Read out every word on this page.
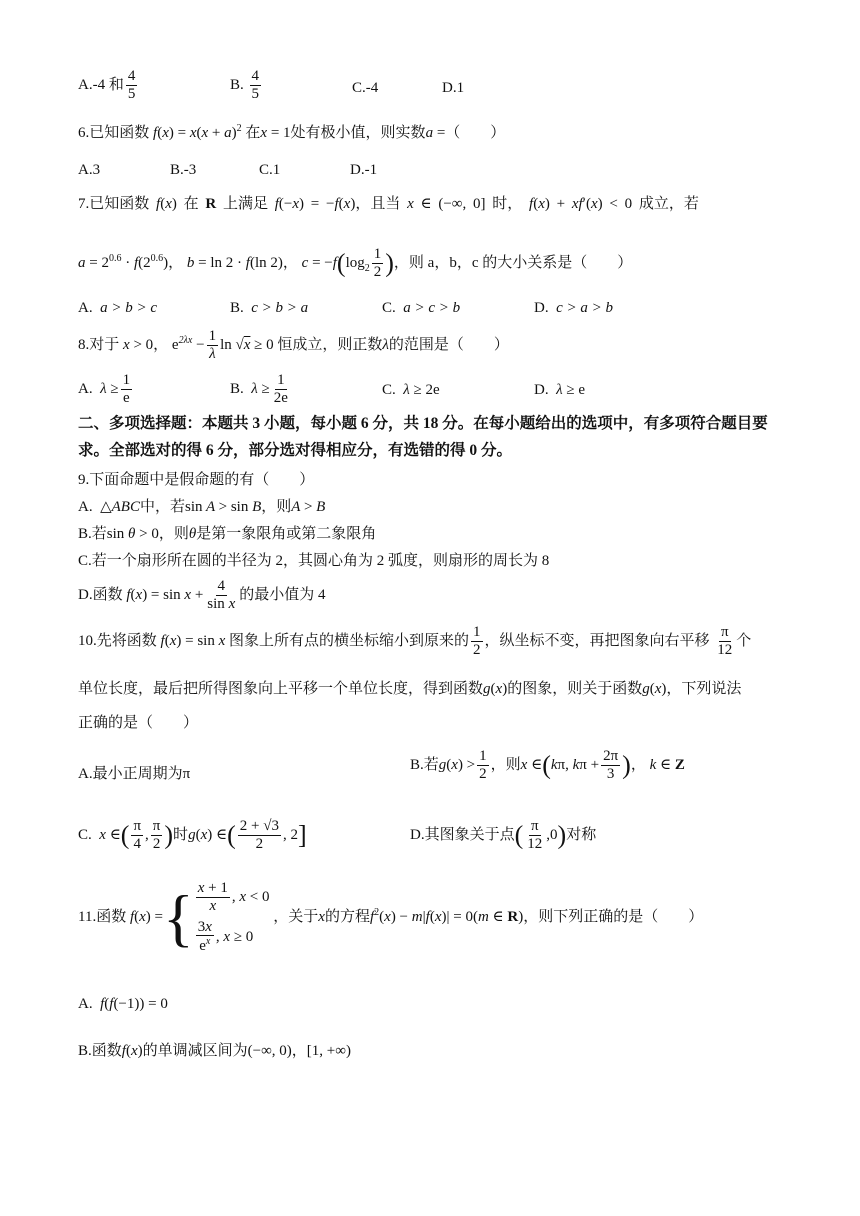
A.-4 和 $\frac{4}{5}$	B. $\frac{4}{5}$	C.-4	D.1
6.已知函数 $f(x) = x(x + a)^2$ 在x = 1处有极小值，则实数a =（　　）
A.3	B.-3	C.1	D.-1
7.已知函数 f(x) 在 R 上满足 f(−x) = −f(x)，且当 x ∈ (−∞, 0] 时， f(x) + xf′(x) < 0 成立，若
$a = 2^{0.6} \cdot f(2^{0.6})$， b = ln 2 · f(ln 2)， $c = -f(\log_2 \frac{1}{2}$ )，则 a，b，c 的大小关系是（　　）
A. a > b > c	B. c > b > a	C. a > c > b	D. c > a > b
8.对于 x > 0， $e^{2\lambda x} - \frac{1}{\lambda}$ ln √x ≥ 0 恒成立，则正数λ的范围是（　　）
A. $\lambda \ge \frac{1}{e}$	B. $\lambda \ge \frac{1}{2e}$	C. λ ≥ 2e	D. λ ≥ e
二、多项选择题：本题共 3 小题，每小题 6 分，共 18 分。在每小题给出的选项中，有多项符合题目要求。全部选对的得 6 分，部分选对得相应分，有选错的得 0 分。
9.下面命题中是假命题的有（　　）
A. △ABC中，若sin A > sin B，则A > B
B.若sin θ > 0，则θ是第一象限角或第二象限角
C.若一个扇形所在圆的半径为 2，其圆心角为 2 弧度，则扇形的周长为 8
D.函数 $f(x) = \sin x + \frac{4}{\text{sin x}}$ 的最小值为 4
10.先将函数 f(x) = sin x 图象上所有点的横坐标缩小到原来的 $\frac{1}{2}$ ，纵坐标不变，再把图象向右平移 $\frac{\pi}{12}$ 个
单位长度，最后把所得图象向上平移一个单位长度，得到函数g(x)的图象，则关于函数g(x)，下列说法
正确的是（　　）
A.最小正周期为π
B.若$g(x) > \frac{1}{2}$ ，则x ∈(kπ, $k\pi + \frac{2\pi}{3}$ )， k ∈ Z
C. x ∈( $\frac{\pi}{4}$ , $\frac{\pi}{2}$ )时g(x) ∈( $\frac{2 + √3}{2}$ , 2]	D.其图象关于点( $\frac{\pi}{12} ,0$)对称
11.函数 f(x) ={ $\frac{x + 1}{x}$ , x < 0
$\frac{3x}{e^x}$ , x ≥ 0
，关于x的方程$f^2(x) - m|f(x)| = 0(m$ ∈ R)，则下列正确的是（　　）
A. f(f(−1)) = 0
B.函数f(x)的单调减区间为(−∞, 0)，[1, +∞)
